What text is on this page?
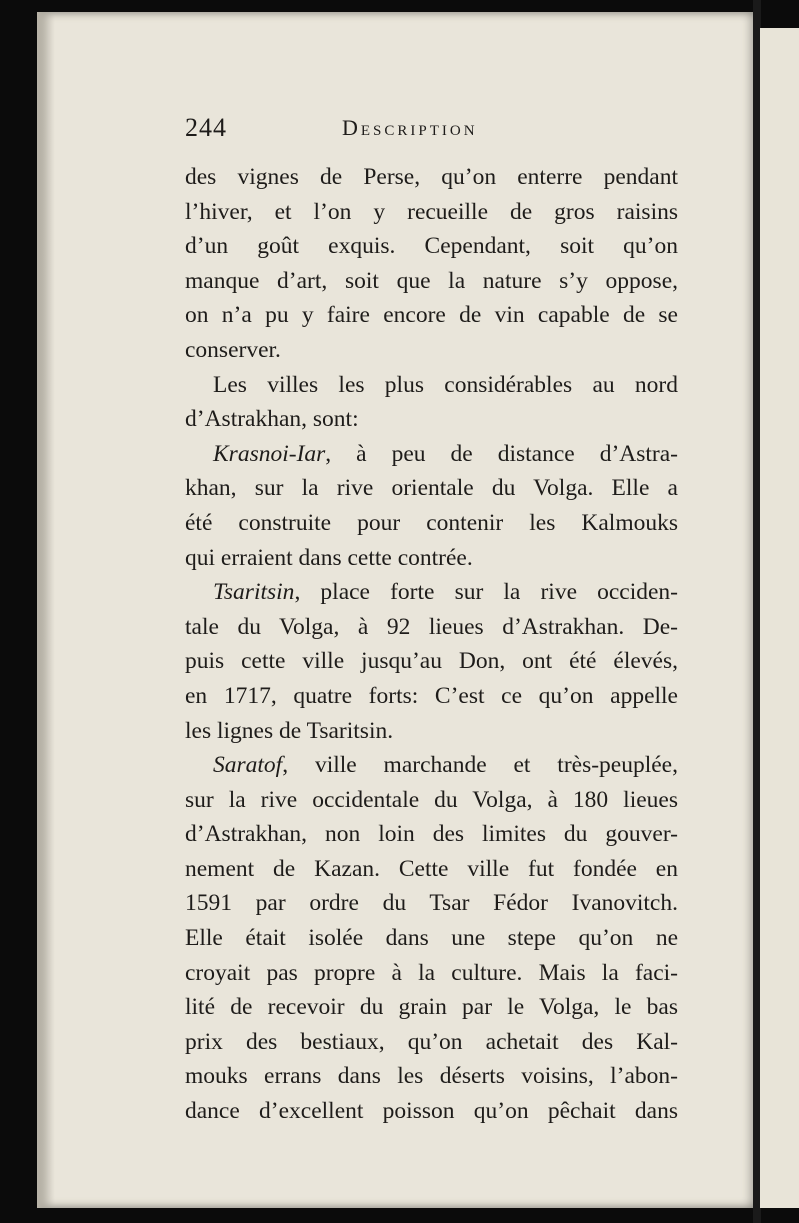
244	Description
des vignes de Perse, qu’on enterre pendant
l’hiver, et l’on y recueille de gros raisins
d’un goût exquis. Cependant, soit qu’on
manque d’art, soit que la nature s’y oppose,
on n’a pu y faire encore de vin capable de se
conserver.
Les villes les plus considérables au nord
d’Astrakhan, sont:
Krasnoi-Iar, à peu de distance d’Astra-
khan, sur la rive orientale du Volga. Elle a
été construite pour contenir les Kalmouks
qui erraient dans cette contrée.
Tsaritsin, place forte sur la rive occiden-
tale du Volga, à 92 lieues d’Astrakhan. De-
puis cette ville jusqu’au Don, ont été élevés,
en 1717, quatre forts: C’est ce qu’on appelle
les lignes de Tsaritsin.
Saratof, ville marchande et très-peuplée,
sur la rive occidentale du Volga, à 180 lieues
d’Astrakhan, non loin des limites du gouver-
nement de Kazan. Cette ville fut fondée en
1591 par ordre du Tsar Fédor Ivanovitch.
Elle était isolée dans une stepe qu’on ne
croyait pas propre à la culture. Mais la faci-
lité de recevoir du grain par le Volga, le bas
prix des bestiaux, qu’on achetait des Kal-
mouks errans dans les déserts voisins, l’abon-
dance d’excellent poisson qu’on pêchait dans
